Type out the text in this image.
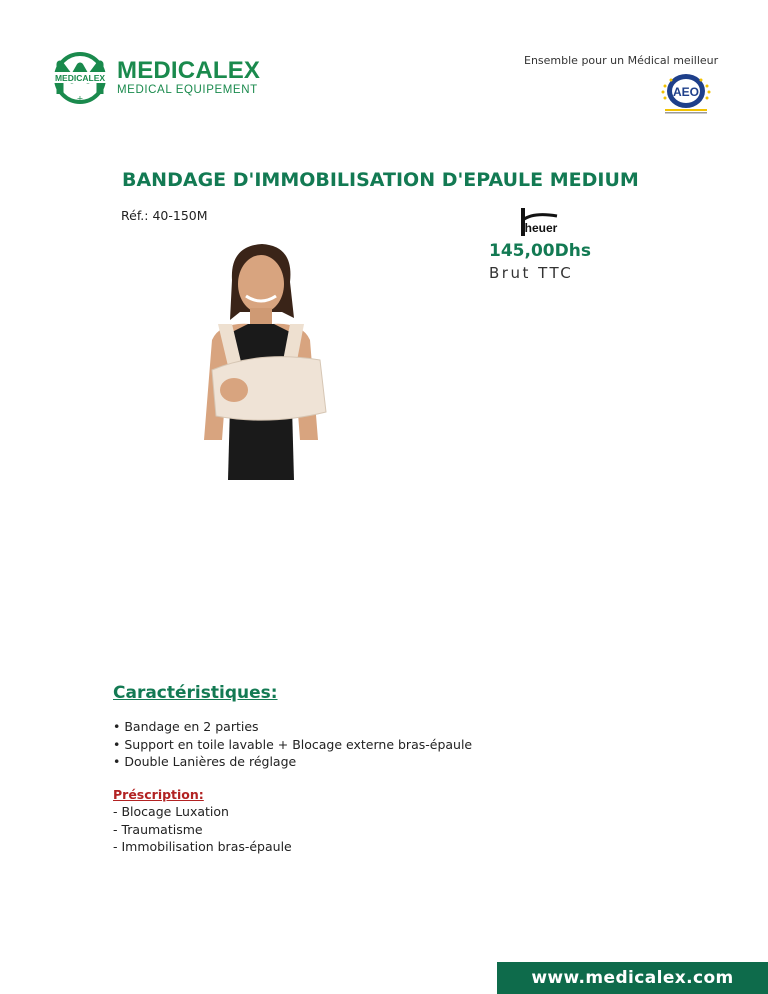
MEDICALEX
+
MEDICALEX
MEDICAL EQUIPEMENT
Ensemble pour un Médical meilleur
AEO
BANDAGE D'IMMOBILISATION D'EPAULE MEDIUM
Réf.: 40-150M
heuer
145,00Dhs
Brut TTC
Caractéristiques:
• Bandage en 2 parties
• Support en toile lavable + Blocage externe bras-épaule
• Double Lanières de réglage
Préscription:
- Blocage Luxation
- Traumatisme
- Immobilisation bras-épaule
www.medicalex.com
